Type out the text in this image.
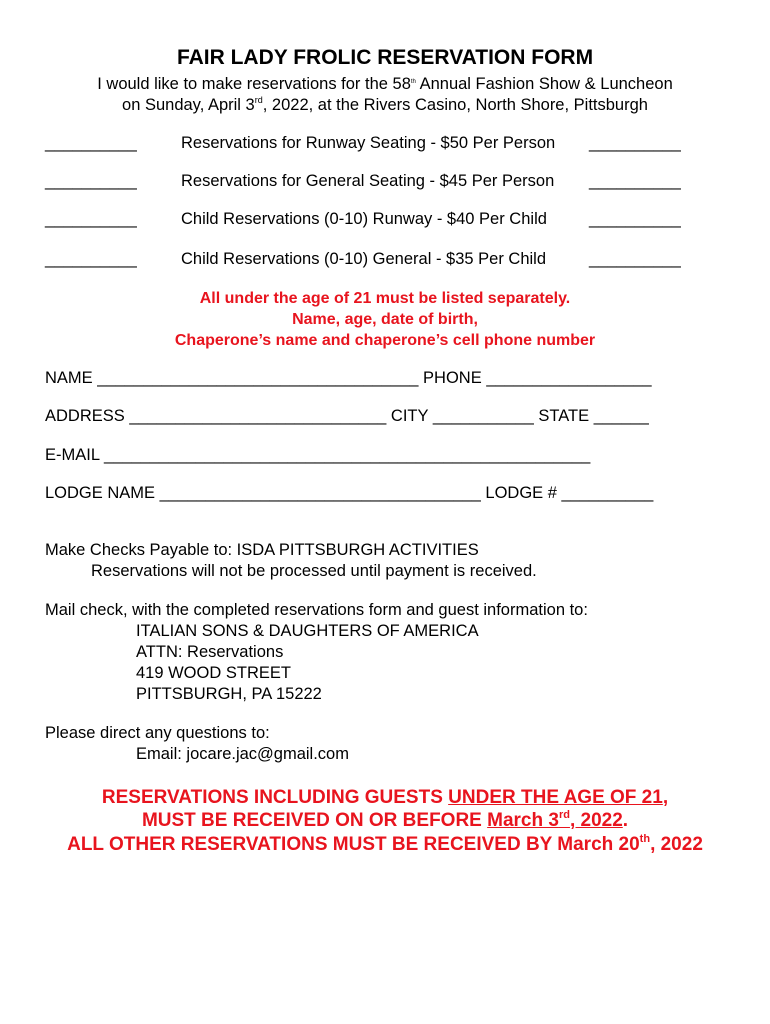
FAIR LADY FROLIC RESERVATION FORM
I would like to make reservations for the 58th Annual Fashion Show & Luncheon
on Sunday, April 3rd, 2022, at the Rivers Casino, North Shore, Pittsburgh
__________	Reservations for Runway Seating - $50 Per Person __________
__________	Reservations for General Seating - $45 Per Person __________
__________	Child Reservations (0-10) Runway - $40 Per Child	__________
__________	Child Reservations (0-10) General - $35 Per Child	__________
All under the age of 21 must be listed separately.
Name, age, date of birth,
Chaperone’s name and chaperone’s cell phone number
NAME ___________________________________ PHONE __________________
ADDRESS ____________________________ CITY ___________ STATE ______
E-MAIL _____________________________________________________
LODGE NAME ___________________________________ LODGE # __________
Make Checks Payable to: ISDA PITTSBURGH ACTIVITIES
Reservations will not be processed until payment is received.
Mail check, with the completed reservations form and guest information to:
ITALIAN SONS & DAUGHTERS OF AMERICA
ATTN: Reservations
419 WOOD STREET
PITTSBURGH, PA 15222
Please direct any questions to:
Email: jocare.jac@gmail.com
RESERVATIONS INCLUDING GUESTS UNDER THE AGE OF 21,
MUST BE RECEIVED ON OR BEFORE March 3rd, 2022.
ALL OTHER RESERVATIONS MUST BE RECEIVED BY March 20th, 2022
